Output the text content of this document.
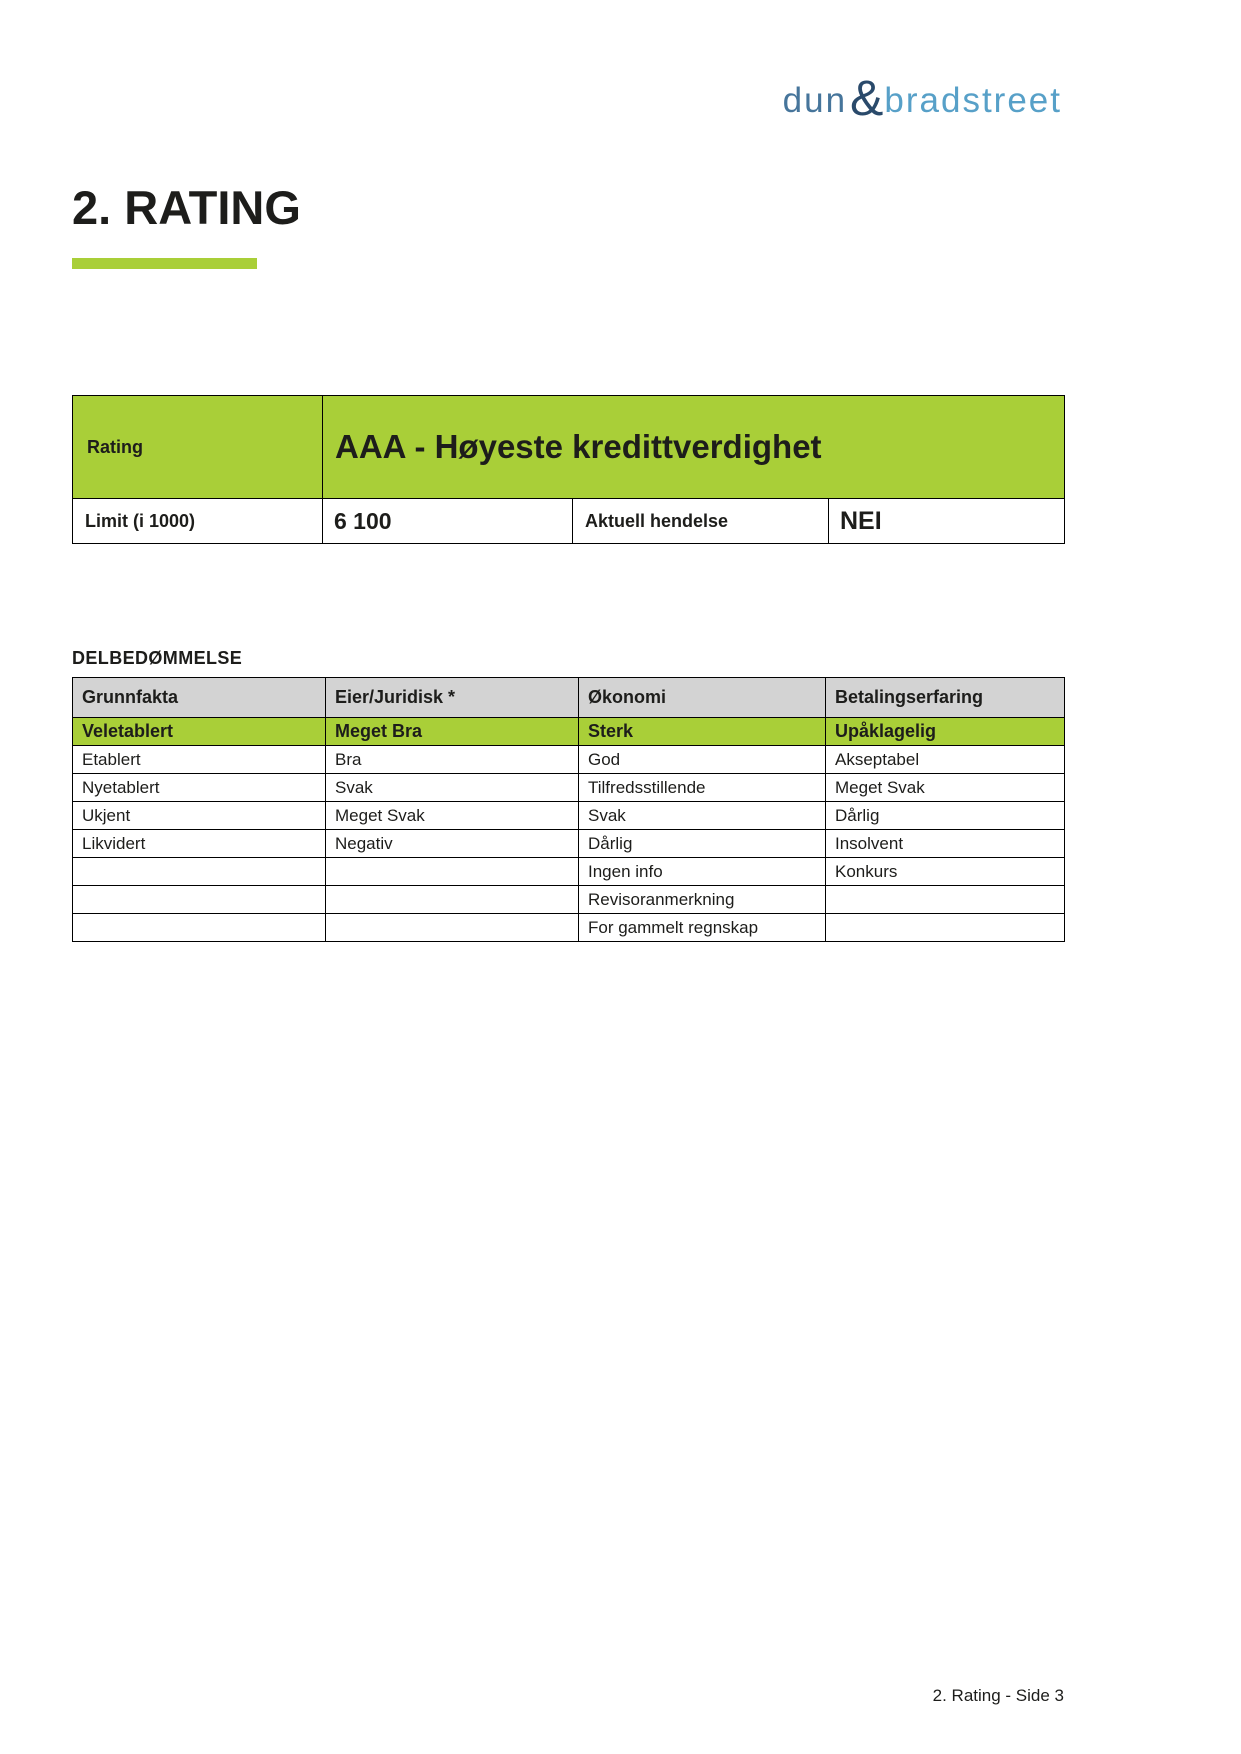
dun & bradstreet
2. RATING
Rating	AAA - Høyeste kredittverdighet		
Limit (i 1000)	6 100	Aktuell hendelse	NEI
DELBEDØMMELSE
Grunnfakta	Eier/Juridisk *	Økonomi	Betalingserfaring
Veletablert	Meget Bra	Sterk	Upåklagelig
Etablert	Bra	God	Akseptabel
Nyetablert	Svak	Tilfredsstillende	Meget Svak
Ukjent	Meget Svak	Svak	Dårlig
Likvidert	Negativ	Dårlig	Insolvent
		Ingen info	Konkurs
		Revisoranmerkning	
		For gammelt regnskap	
2. Rating - Side 3
